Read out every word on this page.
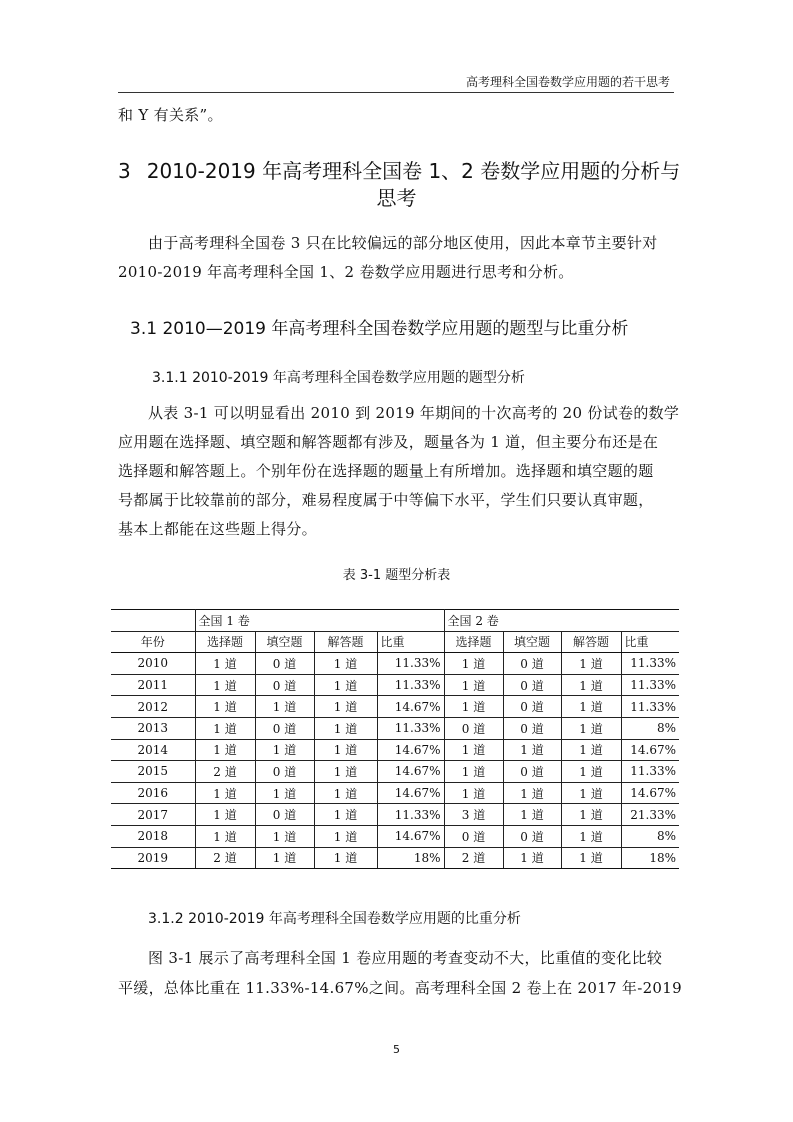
高考理科全国卷数学应用题的若干思考
和 Y 有关系”。
3 2010-2019 年高考理科全国卷 1、2 卷数学应用题的分析与
思考
由于高考理科全国卷 3 只在比较偏远的部分地区使用，因此本章节主要针对
2010-2019 年高考理科全国 1、2 卷数学应用题进行思考和分析。
3.1 2010—2019 年高考理科全国卷数学应用题的题型与比重分析
3.1.1 2010-2019 年高考理科全国卷数学应用题的题型分析
从表 3-1 可以明显看出 2010 到 2019 年期间的十次高考的 20 份试卷的数学
应用题在选择题、填空题和解答题都有涉及，题量各为 1 道，但主要分布还是在
选择题和解答题上。个别年份在选择题的题量上有所增加。选择题和填空题的题
号都属于比较靠前的部分，难易程度属于中等偏下水平，学生们只要认真审题，
基本上都能在这些题上得分。
表 3-1 题型分析表
	全国 1 卷				全国 2 卷			
年份	选择题	填空题	解答题	比重	选择题	填空题	解答题	比重
2010	1 道	0 道	1 道	11.33%	1 道	0 道	1 道	11.33%
2011	1 道	0 道	1 道	11.33%	1 道	0 道	1 道	11.33%
2012	1 道	1 道	1 道	14.67%	1 道	0 道	1 道	11.33%
2013	1 道	0 道	1 道	11.33%	0 道	0 道	1 道	8%
2014	1 道	1 道	1 道	14.67%	1 道	1 道	1 道	14.67%
2015	2 道	0 道	1 道	14.67%	1 道	0 道	1 道	11.33%
2016	1 道	1 道	1 道	14.67%	1 道	1 道	1 道	14.67%
2017	1 道	0 道	1 道	11.33%	3 道	1 道	1 道	21.33%
2018	1 道	1 道	1 道	14.67%	0 道	0 道	1 道	8%
2019	2 道	1 道	1 道	18%	2 道	1 道	1 道	18%
3.1.2 2010-2019 年高考理科全国卷数学应用题的比重分析
图 3-1 展示了高考理科全国 1 卷应用题的考查变动不大，比重值的变化比较
平缓，总体比重在 11.33%-14.67%之间。高考理科全国 2 卷上在 2017 年-2019
5
